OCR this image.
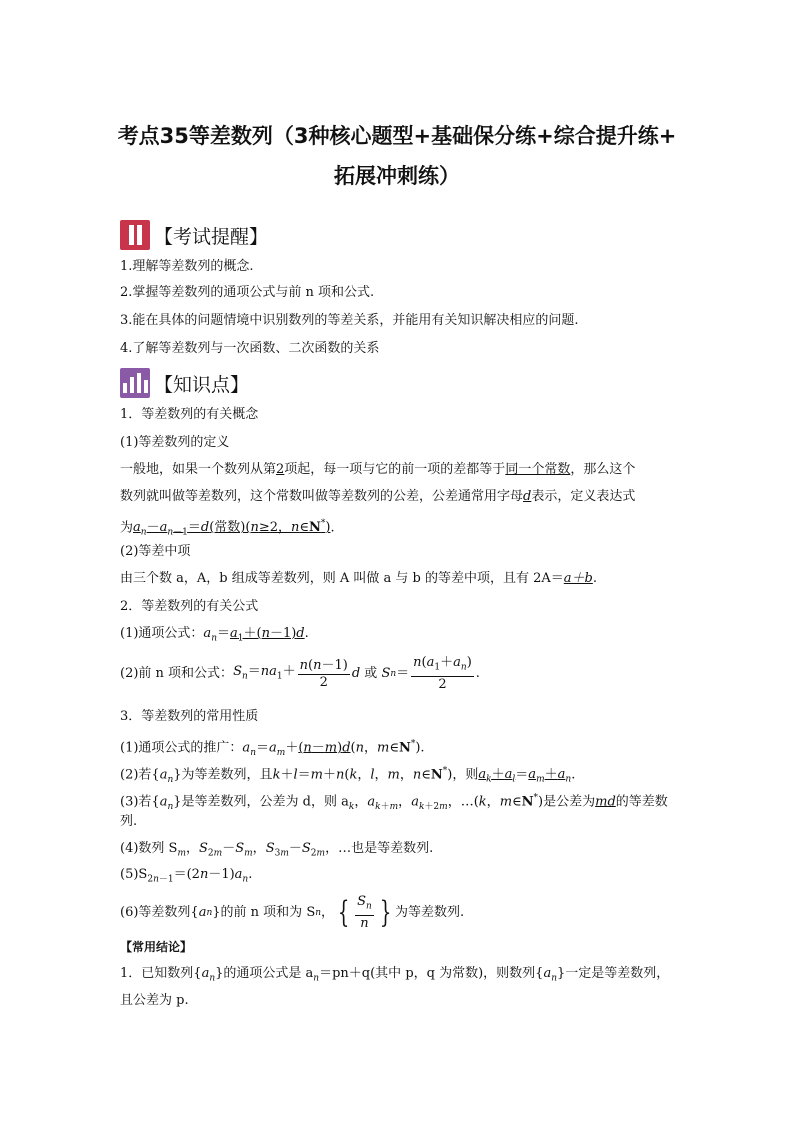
考点35等差数列（3种核心题型+基础保分练+综合提升练+
拓展冲刺练）
【考试提醒】
1.理解等差数列的概念.
2.掌握等差数列的通项公式与前 n 项和公式.
3.能在具体的问题情境中识别数列的等差关系，并能用有关知识解决相应的问题.
4.了解等差数列与一次函数、二次函数的关系
【知识点】
1．等差数列的有关概念
(1)等差数列的定义
一般地，如果一个数列从第2项起，每一项与它的前一项的差都等于同一个常数，那么这个
数列就叫做等差数列，这个常数叫做等差数列的公差，公差通常用字母d表示，定义表达式
为$a_n-a_{n-1}=d$(常数)(n≥2，n∈N*).
(2)等差中项
由三个数 a，A，b 组成等差数列，则 A 叫做 a 与 b 的等差中项，且有 2A＝a＋b.
2．等差数列的有关公式
(1)通项公式：$a_n=a_1+(n-1)d$.
(2)前 n 项和公式： $S_n=na_1+ \frac{n(n-1)}{2}$ d
或
S $n = \frac{n(a_1+a_n)}{2}$ .
3．等差数列的常用性质
(1)通项公式的推广：$a_n=a_m+(n-m)d(n$，m∈N*).
(2)若$\{a_n\}$为等差数列，且k＋l＝m＋n(k，l，m，n∈N*)，则$a_k+a_l=a_m+a_n$.
(3)若$\{a_n\}$是等差数列，公差为 d，则 $a_k$，$a_{k+m}$，$a_{k+2m}$，…(k，m∈N*)是公差为md的等差数
列.
(4)数列 $S_m$，$S_{2m}-S_m$，$S_{3m}-S_{2m}$，…也是等差数列.
$(5)S_{2n-1}=(2n-1)a_n$.
(6)等差数列 { a n } 的前 n 项和为 S n ， { $\frac{S_n}{n}$ } 为等差数列.
【常用结论】
1．已知数列$\{a_n\}$的通项公式是 $a_n=pn+q$(其中 p，q 为常数)，则数列$\{a_n\}$一定是等差数列，
且公差为 p.
